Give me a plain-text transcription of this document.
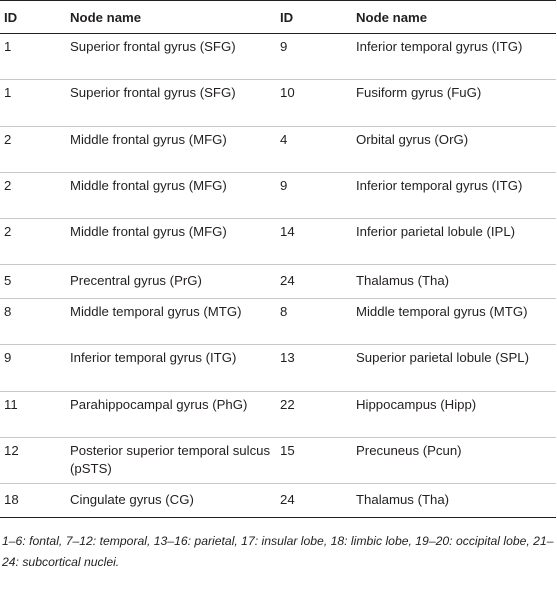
ID	Node name	ID	Node name
1	Superior frontal gyrus (SFG)	9	Inferior temporal gyrus (ITG)
1	Superior frontal gyrus (SFG)	10	Fusiform gyrus (FuG)
2	Middle frontal gyrus (MFG)	4	Orbital gyrus (OrG)
2	Middle frontal gyrus (MFG)	9	Inferior temporal gyrus (ITG)
2	Middle frontal gyrus (MFG)	14	Inferior parietal lobule (IPL)
5	Precentral gyrus (PrG)	24	Thalamus (Tha)
8	Middle temporal gyrus (MTG)	8	Middle temporal gyrus (MTG)
9	Inferior temporal gyrus (ITG)	13	Superior parietal lobule (SPL)
11	Parahippocampal gyrus (PhG)	22	Hippocampus (Hipp)
12	Posterior superior temporal sulcus (pSTS)	15	Precuneus (Pcun)
18	Cingulate gyrus (CG)	24	Thalamus (Tha)
1–6: fontal, 7–12: temporal, 13–16: parietal, 17: insular lobe, 18: limbic lobe, 19–20: occipital lobe, 21–24: subcortical nuclei.
